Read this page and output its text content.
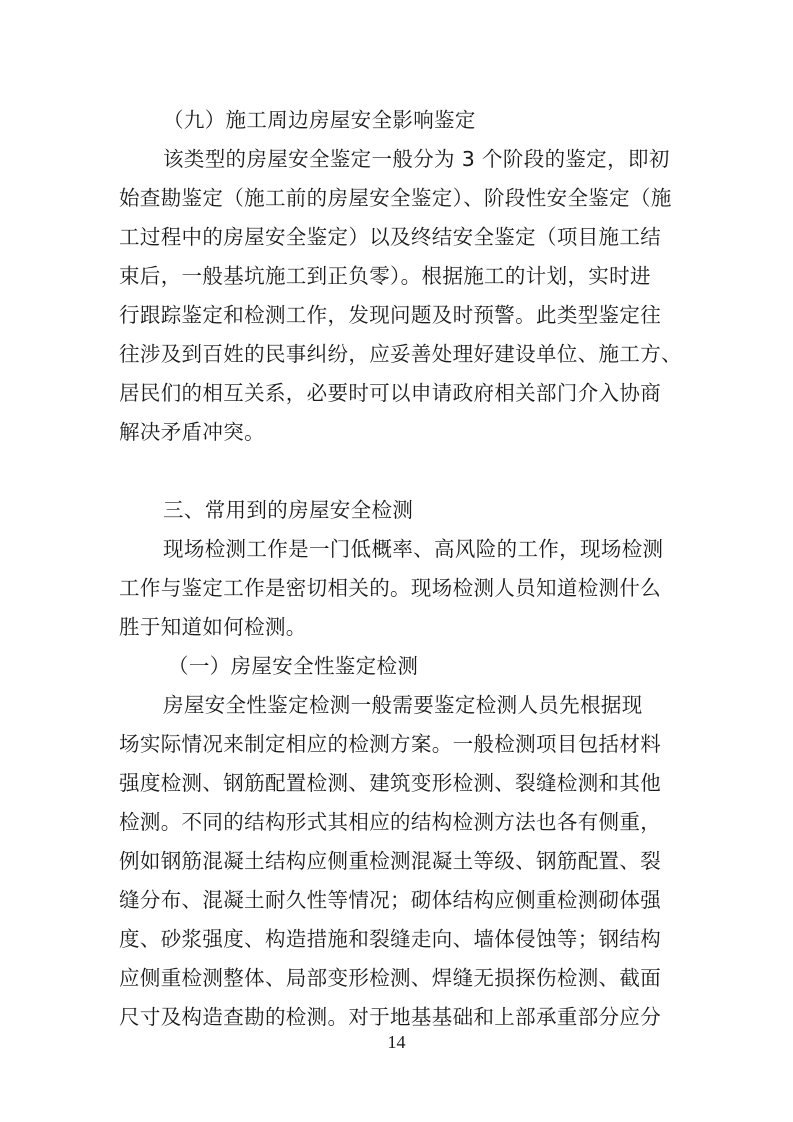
（九）施工周边房屋安全影响鉴定
该类型的房屋安全鉴定一般分为 3 个阶段的鉴定，即初
始查勘鉴定（施工前的房屋安全鉴定）、阶段性安全鉴定（施
工过程中的房屋安全鉴定）以及终结安全鉴定（项目施工结
束后，一般基坑施工到正负零）。根据施工的计划，实时进
行跟踪鉴定和检测工作，发现问题及时预警。此类型鉴定往
往涉及到百姓的民事纠纷，应妥善处理好建设单位、施工方、
居民们的相互关系，必要时可以申请政府相关部门介入协商
解决矛盾冲突。
三、常用到的房屋安全检测
现场检测工作是一门低概率、高风险的工作，现场检测
工作与鉴定工作是密切相关的。现场检测人员知道检测什么
胜于知道如何检测。
（一）房屋安全性鉴定检测
房屋安全性鉴定检测一般需要鉴定检测人员先根据现
场实际情况来制定相应的检测方案。一般检测项目包括材料
强度检测、钢筋配置检测、建筑变形检测、裂缝检测和其他
检测。不同的结构形式其相应的结构检测方法也各有侧重，
例如钢筋混凝土结构应侧重检测混凝土等级、钢筋配置、裂
缝分布、混凝土耐久性等情况；砌体结构应侧重检测砌体强
度、砂浆强度、构造措施和裂缝走向、墙体侵蚀等；钢结构
应侧重检测整体、局部变形检测、焊缝无损探伤检测、截面
尺寸及构造查勘的检测。对于地基基础和上部承重部分应分
14
